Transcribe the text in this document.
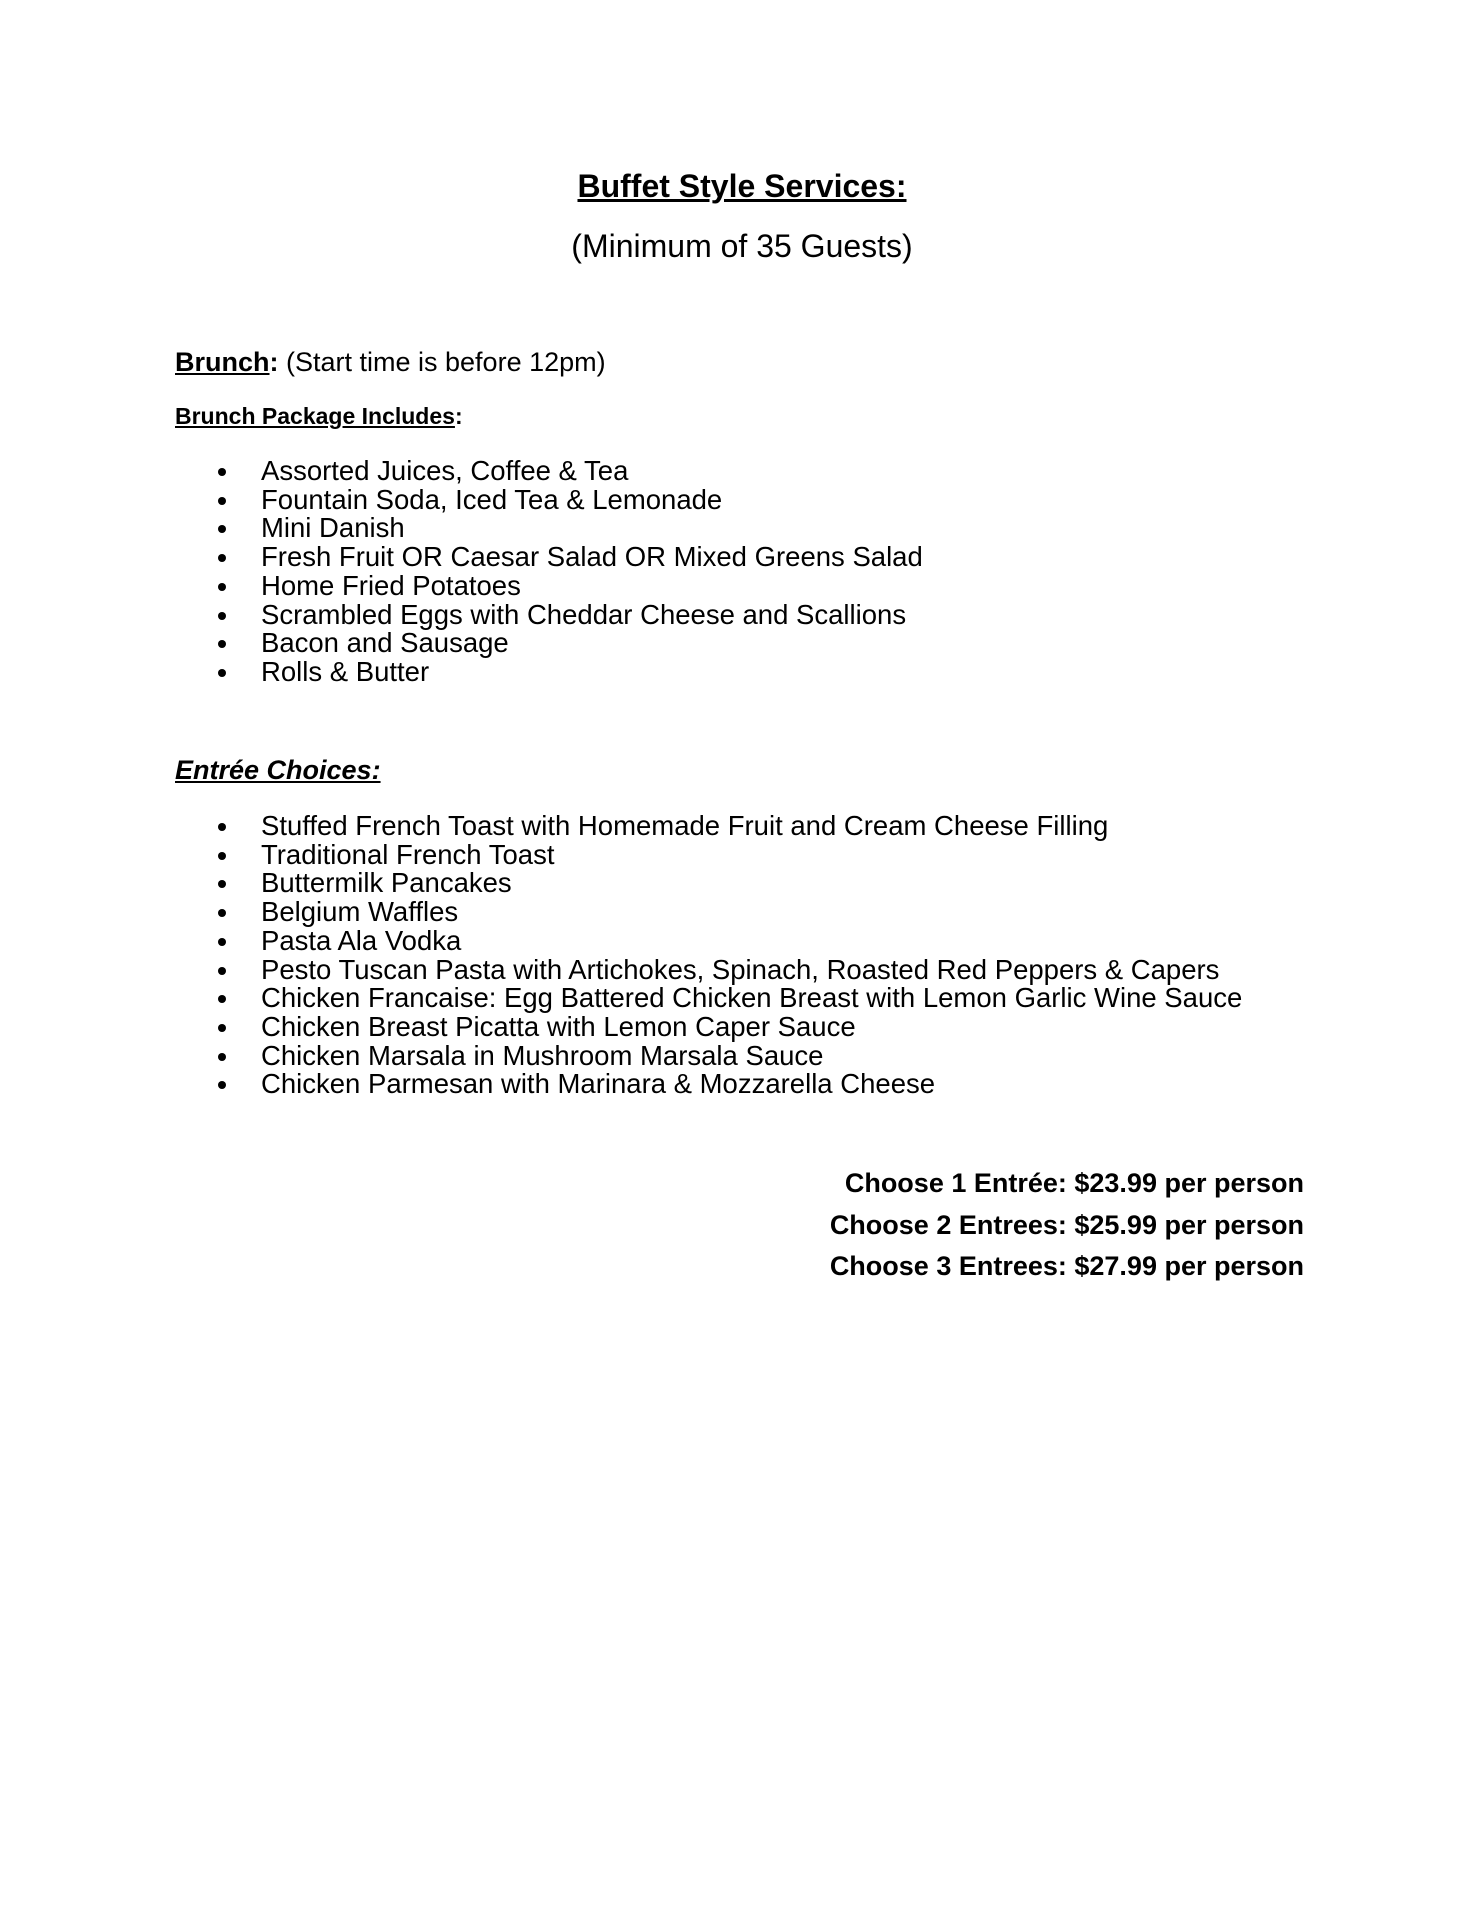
Buffet Style Services:
(Minimum of 35 Guests)
Brunch: (Start time is before 12pm)
Brunch Package Includes:
Assorted Juices, Coffee & Tea
Fountain Soda, Iced Tea & Lemonade
Mini Danish
Fresh Fruit OR Caesar Salad OR Mixed Greens Salad
Home Fried Potatoes
Scrambled Eggs with Cheddar Cheese and Scallions
Bacon and Sausage
Rolls & Butter
Entrée Choices:
Stuffed French Toast with Homemade Fruit and Cream Cheese Filling
Traditional French Toast
Buttermilk Pancakes
Belgium Waffles
Pasta Ala Vodka
Pesto Tuscan Pasta with Artichokes, Spinach, Roasted Red Peppers & Capers
Chicken Francaise: Egg Battered Chicken Breast with Lemon Garlic Wine Sauce
Chicken Breast Picatta with Lemon Caper Sauce
Chicken Marsala in Mushroom Marsala Sauce
Chicken Parmesan with Marinara & Mozzarella Cheese
Choose 1 Entrée: $23.99 per person
Choose 2 Entrees: $25.99 per person
Choose 3 Entrees: $27.99 per person
